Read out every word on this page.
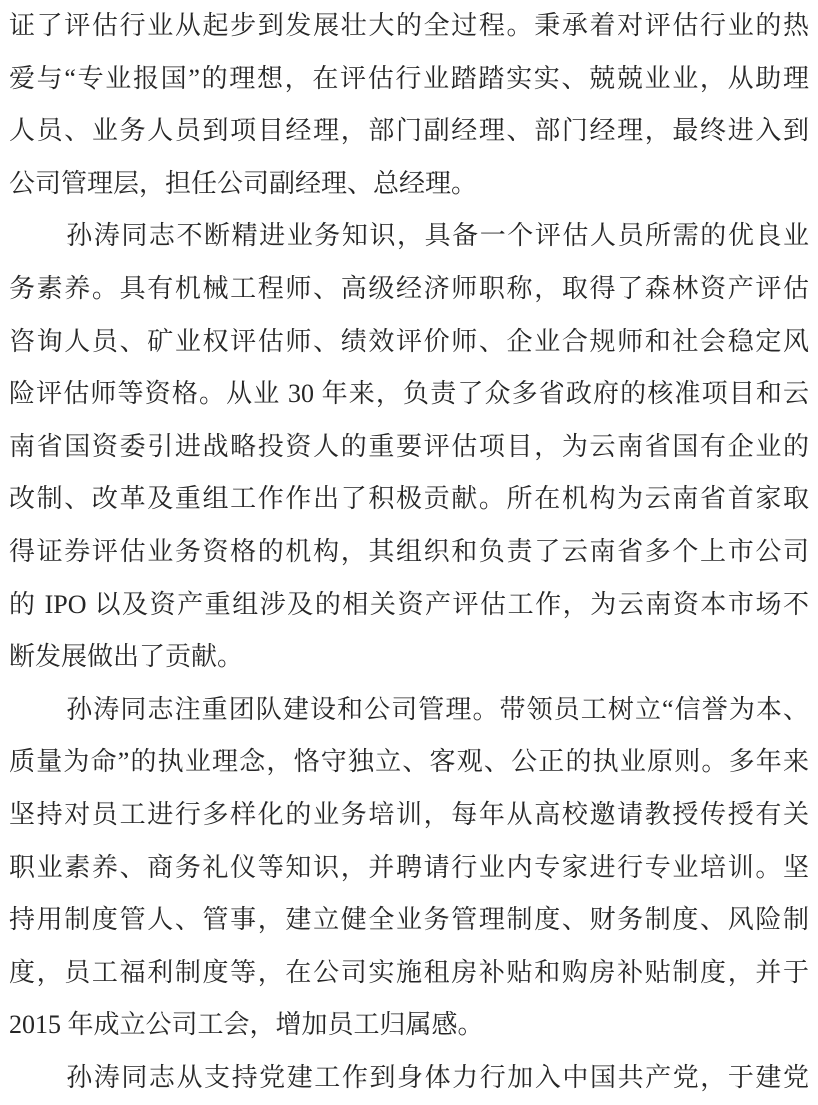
证了评估行业从起步到发展壮大的全过程。秉承着对评估行业的热
爱与“专业报国”的理想，在评估行业踏踏实实、兢兢业业，从助理
人员、业务人员到项目经理，部门副经理、部门经理，最终进入到
公司管理层，担任公司副经理、总经理。
孙涛同志不断精进业务知识，具备一个评估人员所需的优良业
务素养。具有机械工程师、高级经济师职称，取得了森林资产评估
咨询人员、矿业权评估师、绩效评价师、企业合规师和社会稳定风
险评估师等资格。从业 30 年来，负责了众多省政府的核准项目和云
南省国资委引进战略投资人的重要评估项目，为云南省国有企业的
改制、改革及重组工作作出了积极贡献。所在机构为云南省首家取
得证券评估业务资格的机构，其组织和负责了云南省多个上市公司
的 IPO 以及资产重组涉及的相关资产评估工作，为云南资本市场不
断发展做出了贡献。
孙涛同志注重团队建设和公司管理。带领员工树立“信誉为本、
质量为命”的执业理念，恪守独立、客观、公正的执业原则。多年来
坚持对员工进行多样化的业务培训，每年从高校邀请教授传授有关
职业素养、商务礼仪等知识，并聘请行业内专家进行专业培训。坚
持用制度管人、管事，建立健全业务管理制度、财务制度、风险制
度，员工福利制度等，在公司实施租房补贴和购房补贴制度，并于
2015 年成立公司工会，增加员工归属感。
孙涛同志从支持党建工作到身体力行加入中国共产党，于建党
